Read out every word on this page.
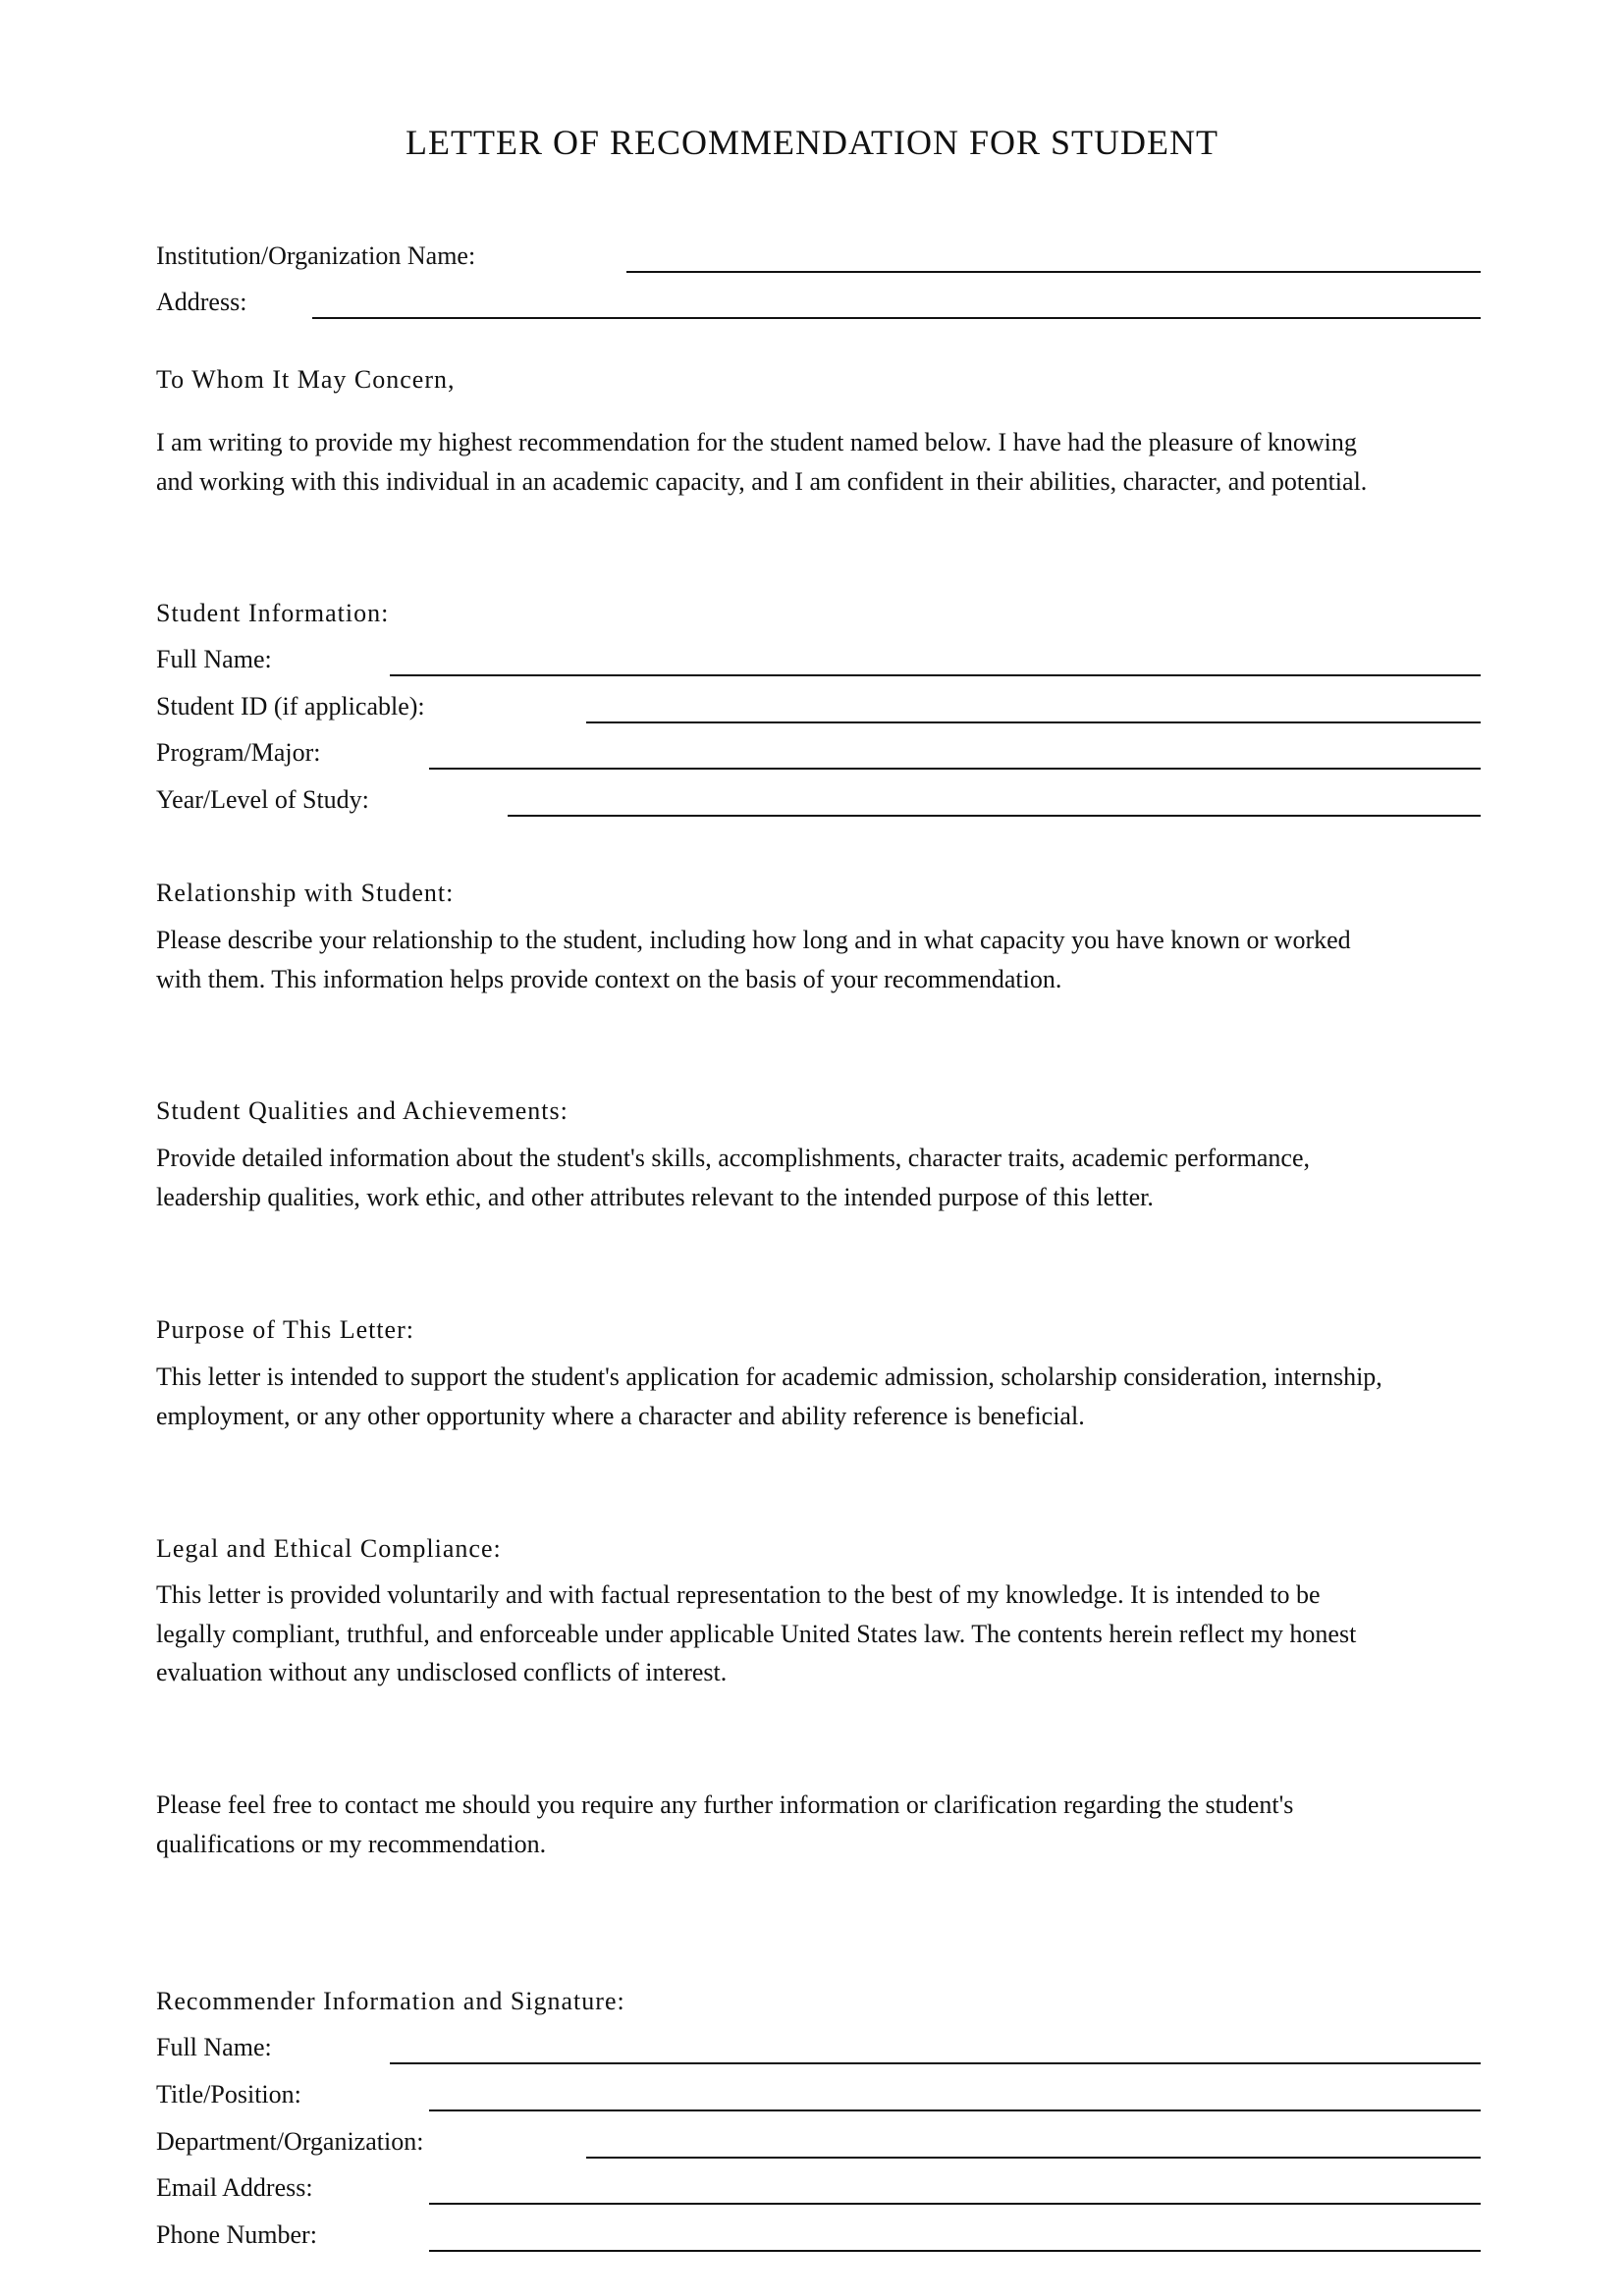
LETTER OF RECOMMENDATION FOR STUDENT
Institution/Organization Name:
Address:
To Whom It May Concern,
I am writing to provide my highest recommendation for the student named below. I have had the pleasure of knowing
and working with this individual in an academic capacity, and I am confident in their abilities, character, and potential.
Student Information:
Full Name:
Student ID (if applicable):
Program/Major:
Year/Level of Study:
Relationship with Student:
Please describe your relationship to the student, including how long and in what capacity you have known or worked
with them. This information helps provide context on the basis of your recommendation.
Student Qualities and Achievements:
Provide detailed information about the student's skills, accomplishments, character traits, academic performance,
leadership qualities, work ethic, and other attributes relevant to the intended purpose of this letter.
Purpose of This Letter:
This letter is intended to support the student's application for academic admission, scholarship consideration, internship,
employment, or any other opportunity where a character and ability reference is beneficial.
Legal and Ethical Compliance:
This letter is provided voluntarily and with factual representation to the best of my knowledge. It is intended to be
legally compliant, truthful, and enforceable under applicable United States law. The contents herein reflect my honest
evaluation without any undisclosed conflicts of interest.
Please feel free to contact me should you require any further information or clarification regarding the student's
qualifications or my recommendation.
Recommender Information and Signature:
Full Name:
Title/Position:
Department/Organization:
Email Address:
Phone Number:
